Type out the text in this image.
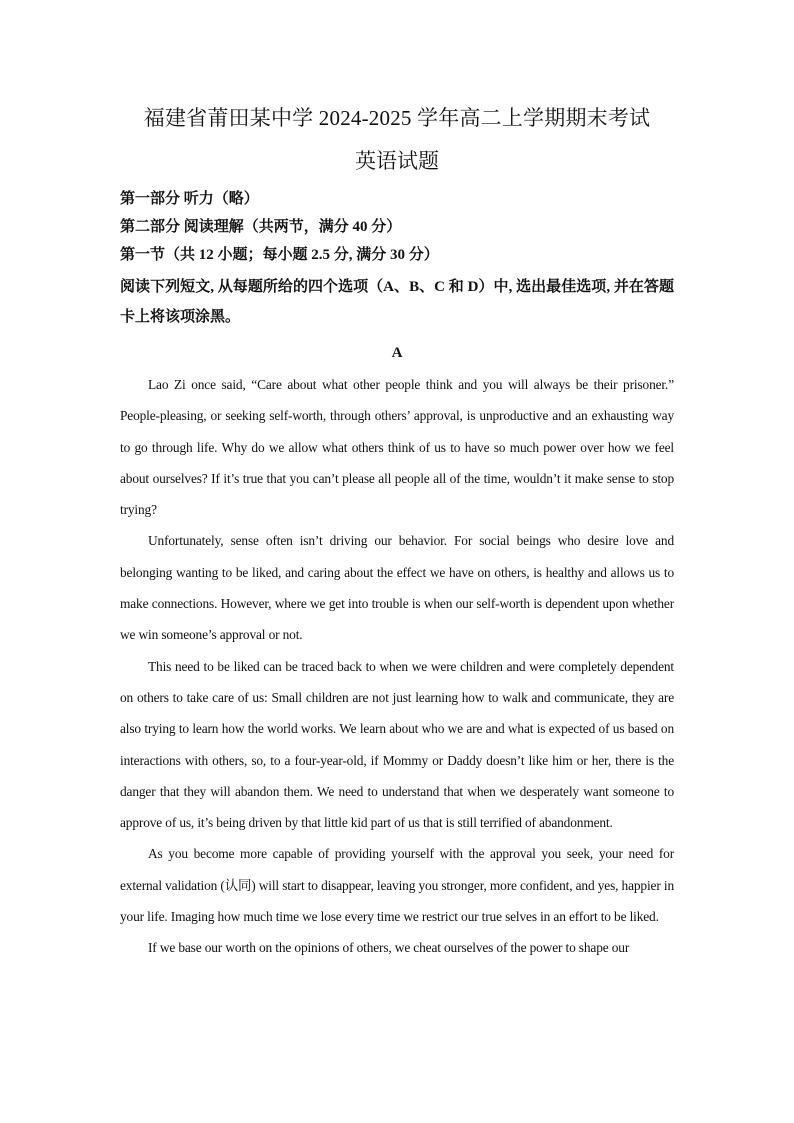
福建省莆田某中学 2024-2025 学年高二上学期期末考试
英语试题

第一部分 听力（略）

第二部分 阅读理解（共两节，满分 40 分）

第一节（共 12 小题；每小题 2.5 分, 满分 30 分）

阅读下列短文, 从每题所给的四个选项（A、B、C 和 D）中, 选出最佳选项, 并在答题卡上将该项涂黑。

A

Lao Zi once said, “Care about what other people think and you will always be their prisoner.” People-pleasing, or seeking self-worth, through others’ approval, is unproductive and an exhausting way to go through life. Why do we allow what others think of us to have so much power over how we feel about ourselves? If it’s true that you can’t please all people all of the time, wouldn’t it make sense to stop trying?

Unfortunately, sense often isn’t driving our behavior. For social beings who desire love and belonging wanting to be liked, and caring about the effect we have on others, is healthy and allows us to make connections. However, where we get into trouble is when our self-worth is dependent upon whether we win someone’s approval or not.

This need to be liked can be traced back to when we were children and were completely dependent on others to take care of us: Small children are not just learning how to walk and communicate, they are also trying to learn how the world works. We learn about who we are and what is expected of us based on interactions with others, so, to a four-year-old, if Mommy or Daddy doesn’t like him or her, there is the danger that they will abandon them. We need to understand that when we desperately want someone to approve of us, it’s being driven by that little kid part of us that is still terrified of abandonment.

As you become more capable of providing yourself with the approval you seek, your need for external validation (认同) will start to disappear, leaving you stronger, more confident, and yes, happier in your life. Imaging how much time we lose every time we restrict our true selves in an effort to be liked.

If we base our worth on the opinions of others, we cheat ourselves of the power to shape our
